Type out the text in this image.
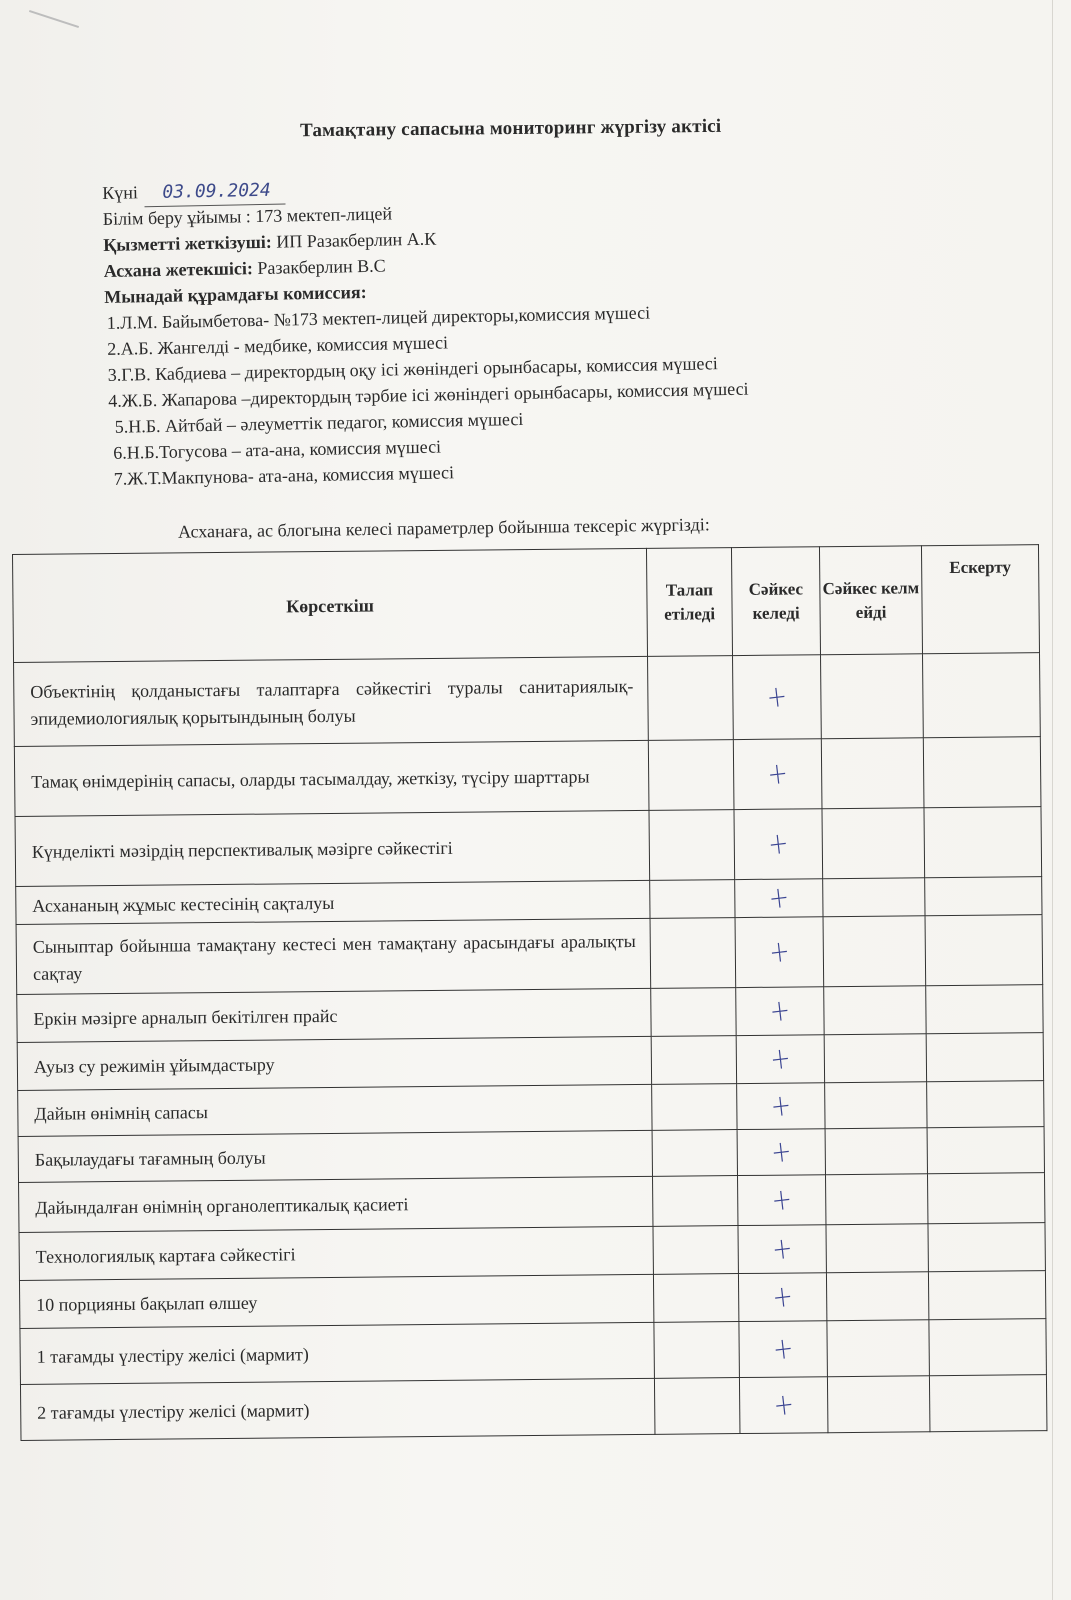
Тамақтану сапасына мониторинг жүргізу актісі
Күні 03.09.2024
Білім беру ұйымы : 173 мектеп-лицей
Қызметті жеткізуші: ИП Разакберлин А.К
Асхана жетекшісі: Разакберлин В.С
Мынадай құрамдағы комиссия:
1.Л.М. Байымбетова- №173 мектеп-лицей директоры,комиссия мүшесі
2.А.Б. Жангелді - медбике, комиссия мүшесі
3.Г.В. Кабдиева – директордың оқу ісі жөніндегі орынбасары, комиссия мүшесі
4.Ж.Б. Жапарова –директордың тәрбие ісі жөніндегі орынбасары, комиссия мүшесі
5.Н.Б. Айтбай – әлеуметтік педагог, комиссия мүшесі
6.Н.Б.Тогусова – ата-ана, комиссия мүшесі
7.Ж.Т.Макпунова- ата-ана, комиссия мүшесі
Асханаға, ас блогына келесі параметрлер бойынша тексеріс жүргізді:
Көрсеткіш	Талап етіледі	Сәйкес келеді	Сәйкес келмейді	Ескерту
Объектінің қолданыстағы талаптарға сәйкестігі туралы санитариялық-эпидемиологиялық қорытындының болуы		+		
Тамақ өнімдерінің сапасы, оларды тасымалдау, жеткізу, түсіру шарттары		+		
Күнделікті мәзірдің перспективалық мәзірге сәйкестігі		+		
Асхананың жұмыс кестесінің сақталуы		+		
Сыныптар бойынша тамақтану кестесі мен тамақтану арасындағы аралықты сақтау		+		
Еркін мәзірге арналып бекітілген прайс		+		
Ауыз су режимін ұйымдастыру		+		
Дайын өнімнің сапасы		+		
Бақылаудағы тағамның болуы		+		
Дайындалған өнімнің органолептикалық қасиеті		+		
Технологиялық картаға сәйкестігі		+		
10 порцияны бақылап өлшеу		+		
1 тағамды үлестіру желісі (мармит)		+		
2 тағамды үлестіру желісі (мармит)		+		
